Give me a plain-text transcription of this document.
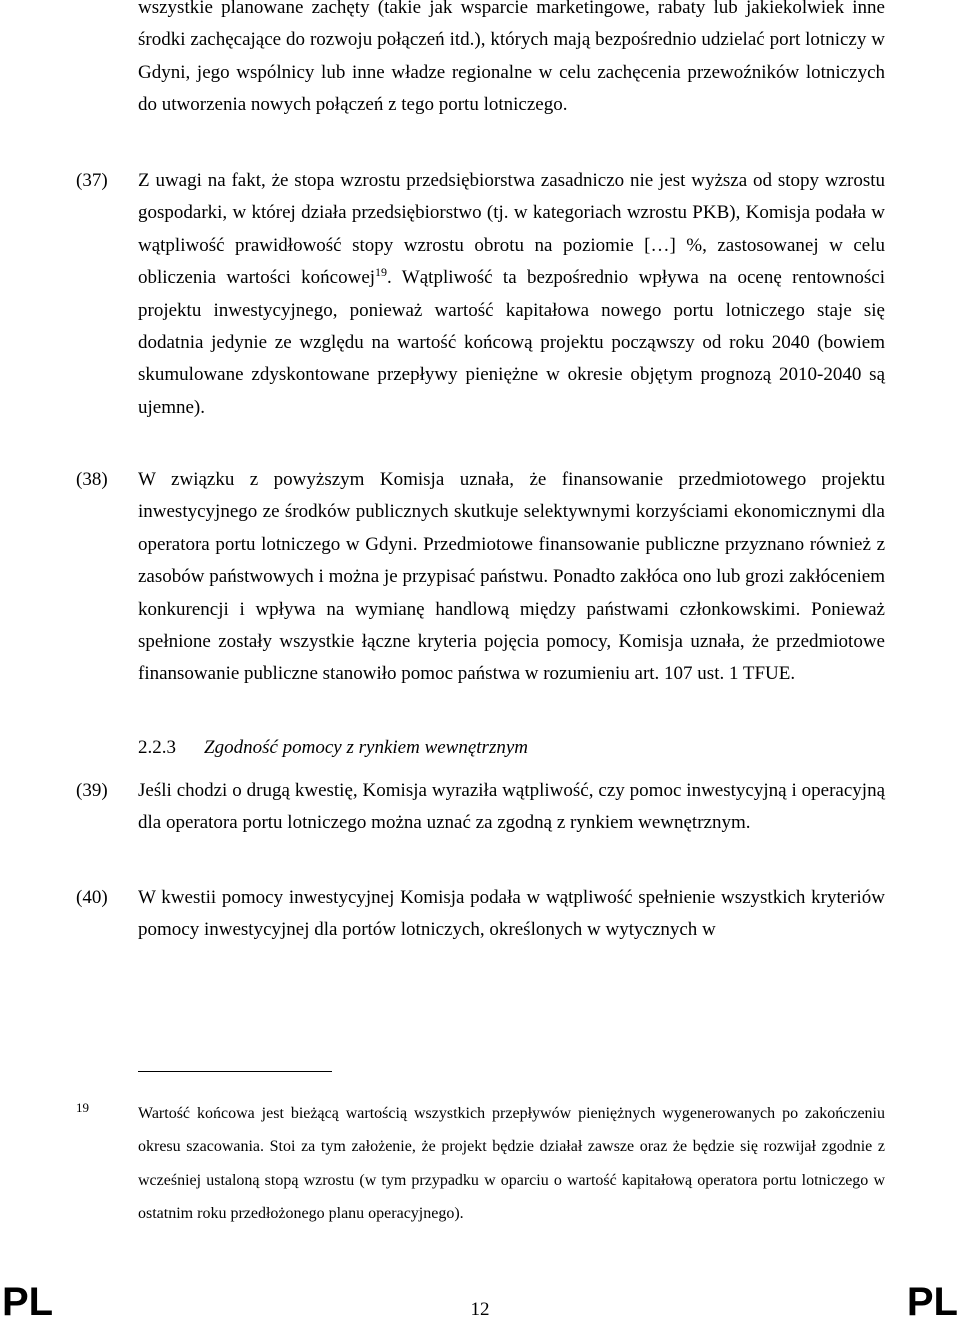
wszystkie planowane zachęty (takie jak wsparcie marketingowe, rabaty lub jakiekolwiek inne środki zachęcające do rozwoju połączeń itd.), których mają bezpośrednio udzielać port lotniczy w Gdyni, jego wspólnicy lub inne władze regionalne w celu zachęcenia przewoźników lotniczych do utworzenia nowych połączeń z tego portu lotniczego.

(37) Z uwagi na fakt, że stopa wzrostu przedsiębiorstwa zasadniczo nie jest wyższa od stopy wzrostu gospodarki, w której działa przedsiębiorstwo (tj. w kategoriach wzrostu PKB), Komisja podała w wątpliwość prawidłowość stopy wzrostu obrotu na poziomie […] %, zastosowanej w celu obliczenia wartości końcowej$^{19}$. Wątpliwość ta bezpośrednio wpływa na ocenę rentowności projektu inwestycyjnego, ponieważ wartość kapitałowa nowego portu lotniczego staje się dodatnia jedynie ze względu na wartość końcową projektu począwszy od roku 2040 (bowiem skumulowane zdyskontowane przepływy pieniężne w okresie objętym prognozą 2010-2040 są ujemne).

(38) W związku z powyższym Komisja uznała, że finansowanie przedmiotowego projektu inwestycyjnego ze środków publicznych skutkuje selektywnymi korzyściami ekonomicznymi dla operatora portu lotniczego w Gdyni. Przedmiotowe finansowanie publiczne przyznano również z zasobów państwowych i można je przypisać państwu. Ponadto zakłóca ono lub grozi zakłóceniem konkurencji i wpływa na wymianę handlową między państwami członkowskimi. Ponieważ spełnione zostały wszystkie łączne kryteria pojęcia pomocy, Komisja uznała, że przedmiotowe finansowanie publiczne stanowiło pomoc państwa w rozumieniu art. 107 ust. 1 TFUE.

2.2.3 Zgodność pomocy z rynkiem wewnętrznym

(39) Jeśli chodzi o drugą kwestię, Komisja wyraziła wątpliwość, czy pomoc inwestycyjną i operacyjną dla operatora portu lotniczego można uznać za zgodną z rynkiem wewnętrznym.

(40) W kwestii pomocy inwestycyjnej Komisja podała w wątpliwość spełnienie wszystkich kryteriów pomocy inwestycyjnej dla portów lotniczych, określonych w wytycznych w

19	Wartość końcowa jest bieżącą wartością wszystkich przepływów pieniężnych wygenerowanych po zakończeniu okresu szacowania. Stoi za tym założenie, że projekt będzie działał zawsze oraz że będzie się rozwijał zgodnie z wcześniej ustaloną stopą wzrostu (w tym przypadku w oparciu o wartość kapitałową operatora portu lotniczego w ostatnim roku przedłożonego planu operacyjnego).

PL	12	PL
